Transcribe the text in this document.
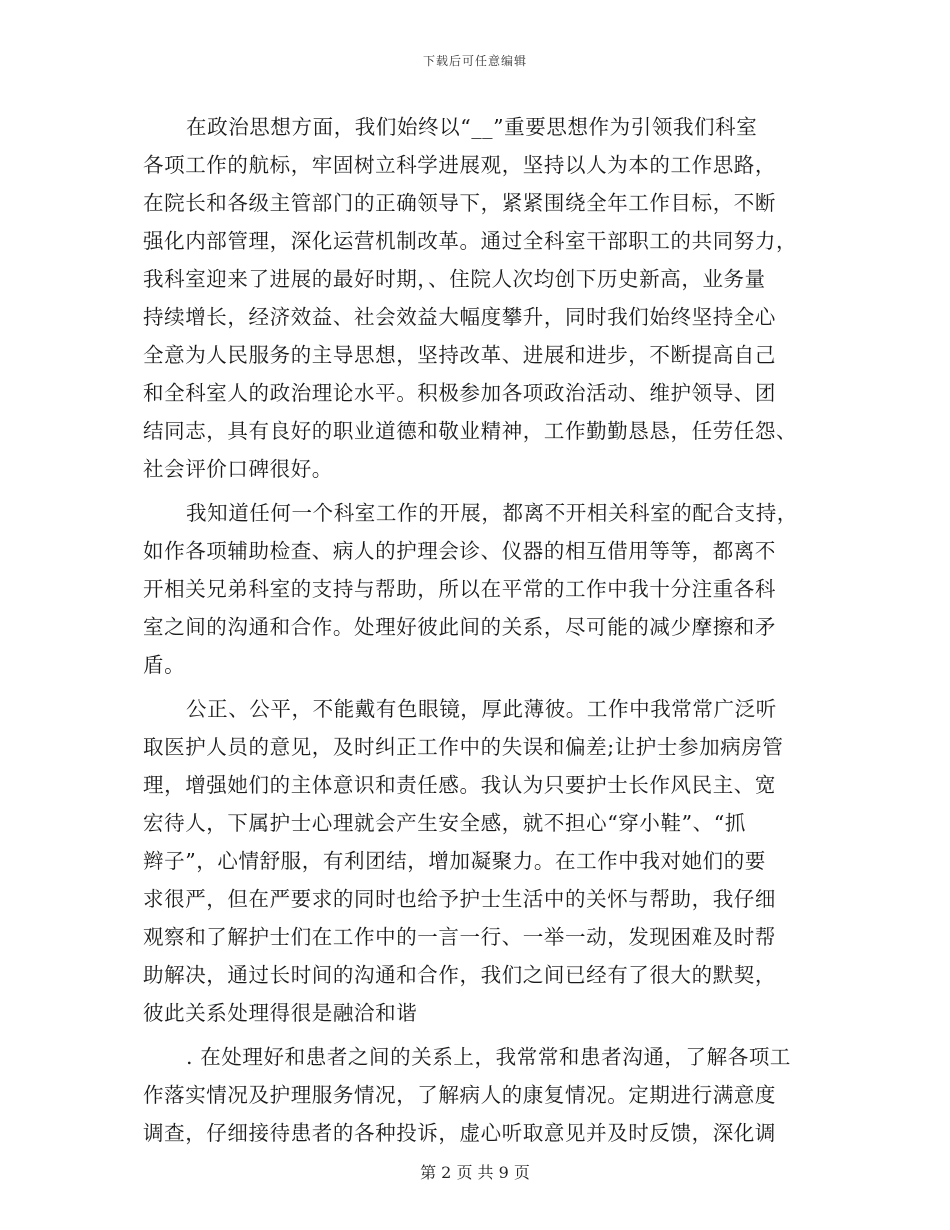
下载后可任意编辑
在政治思想方面，我们始终以“__”重要思想作为引领我们科室
各项工作的航标，牢固树立科学进展观，坚持以人为本的工作思路，
在院长和各级主管部门的正确领导下，紧紧围绕全年工作目标，不断
强化内部管理，深化运营机制改革。通过全科室干部职工的共同努力，
我科室迎来了进展的最好时期，、住院人次均创下历史新高，业务量
持续增长，经济效益、社会效益大幅度攀升，同时我们始终坚持全心
全意为人民服务的主导思想，坚持改革、进展和进步，不断提高自己
和全科室人的政治理论水平。积极参加各项政治活动、维护领导、团
结同志，具有良好的职业道德和敬业精神，工作勤勤恳恳，任劳任怨、
社会评价口碑很好。
我知道任何一个科室工作的开展，都离不开相关科室的配合支持，
如作各项辅助检查、病人的护理会诊、仪器的相互借用等等，都离不
开相关兄弟科室的支持与帮助，所以在平常的工作中我十分注重各科
室之间的沟通和合作。处理好彼此间的关系，尽可能的减少摩擦和矛
盾。
公正、公平，不能戴有色眼镜，厚此薄彼。工作中我常常广泛听
取医护人员的意见，及时纠正工作中的失误和偏差;让护士参加病房管
理，增强她们的主体意识和责任感。我认为只要护士长作风民主、宽
宏待人，下属护士心理就会产生安全感，就不担心“穿小鞋”、“抓
辫子”，心情舒服，有利团结，增加凝聚力。在工作中我对她们的要
求很严，但在严要求的同时也给予护士生活中的关怀与帮助，我仔细
观察和了解护士们在工作中的一言一行、一举一动，发现困难及时帮
助解决，通过长时间的沟通和合作，我们之间已经有了很大的默契，
彼此关系处理得很是融洽和谐
. 在处理好和患者之间的关系上，我常常和患者沟通，了解各项工
作落实情况及护理服务情况，了解病人的康复情况。定期进行满意度
调查，仔细接待患者的各种投诉，虚心听取意见并及时反馈，深化调
第 2 页 共 9 页
